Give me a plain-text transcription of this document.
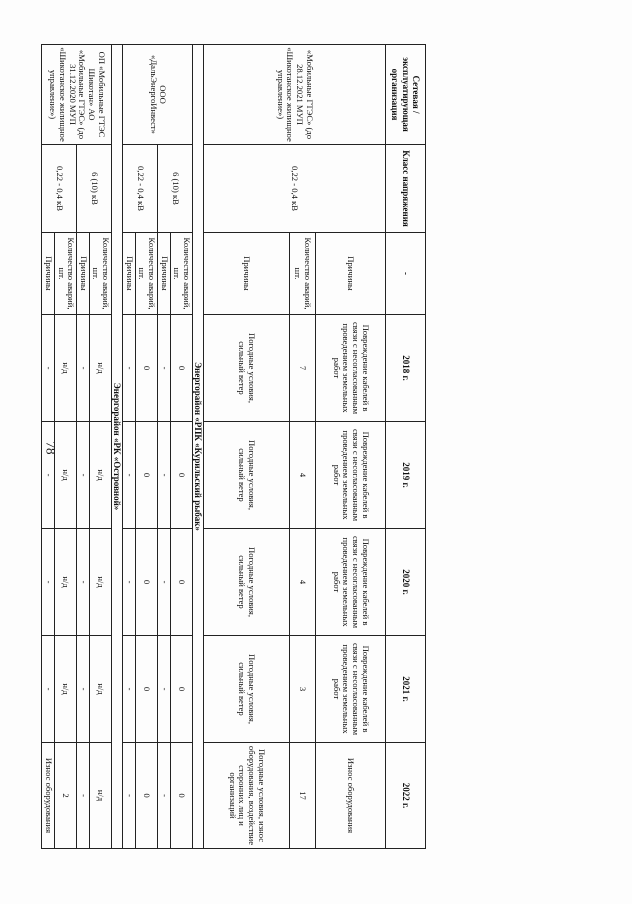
78
Сетевая / эксплуатирующая организация	Класс напряжения	-	2018 г.	2019 г.	2020 г.	2021 г.	2022 г.
«Мобильные ГТЭС» (до 28.12.2021 МУП «Шикотанское жилищное управление»)	0,22 - 0,4 кВ	Причины	Повреждение кабелей в связи с несогласованным проведением земельных работ	Повреждение кабелей в связи с несогласованным проведением земельных работ	Повреждение кабелей в связи с несогласованным проведением земельных работ	Повреждение кабелей в связи с несогласованным проведением земельных работ	Износ оборудования
		Количество аварий, шт.	7	4	4	3	17
		Причины	Погодные условия, сильный ветер	Погодные условия, сильный ветер	Погодные условия, сильный ветер	Погодные условия, сильный ветер	Погодные условия, износ оборудования, воздействие сторонних лиц и организаций
Энергорайон «РПК «Курильский рыбак»							
ООО «ДальЭнергоИнвест»	6 (10) кВ	Количество аварий, шт.	0	0	0	0	0
		Причины	-	-	-	-	-
	0,22 - 0,4 кВ	Количество аварий, шт.	0	0	0	0	0
		Причины	-	-	-	-	-
Энергорайон «РК «Островной»							
ОП «Мобильные ГТЭС Шикотан» АО «Мобильные ГТЭС» (до 31.12.2020 МУП «Шикотанское жилищное управление»)	6 (10) кВ	Количество аварий, шт.	н/д	н/д	н/д	н/д	н/д
		Причины	-	-	-	-	-
	0,22 - 0,4 кВ	Количество аварий, шт.	н/д	н/д	н/д	н/д	2
		Причины	-	-	-	-	Износ оборудования
